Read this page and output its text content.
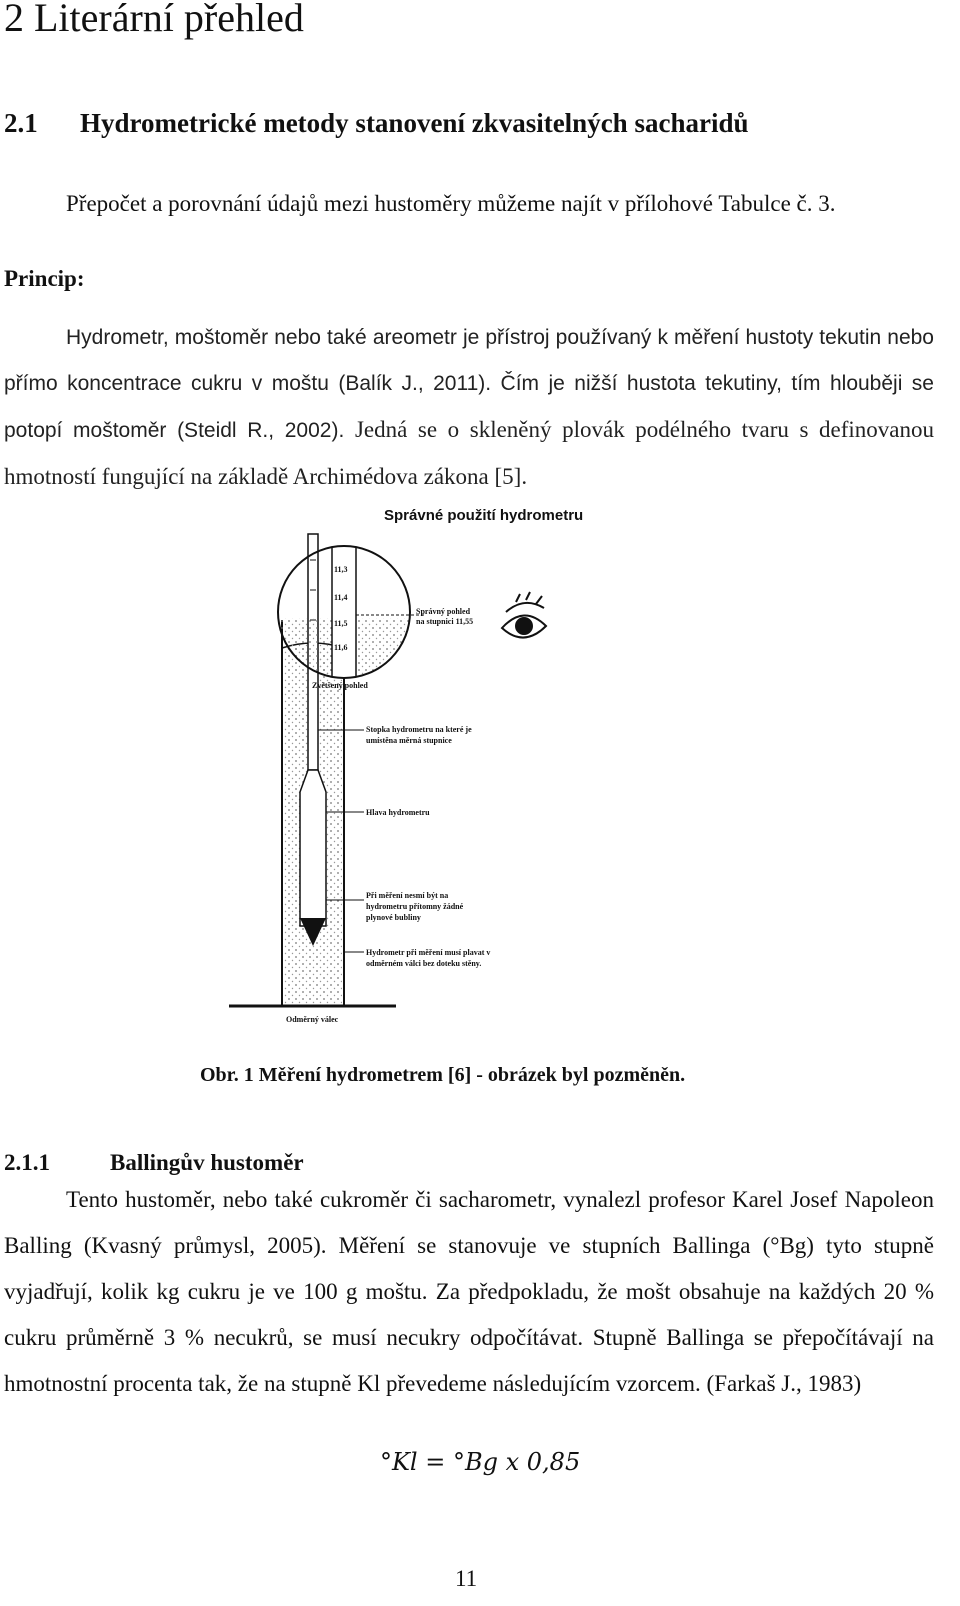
2 Literární přehled
2.1 Hydrometrické metody stanovení zkvasitelných sacharidů
Přepočet a porovnání údajů mezi hustoměry můžeme najít v přílohové Tabulce č. 3.
Princip:
Hydrometr, moštoměr nebo také areometr je přístroj používaný k měření hustoty tekutin nebo přímo koncentrace cukru v moštu (Balík J., 2011). Čím je nižší hustota tekutiny, tím hlouběji se potopí moštoměr (Steidl R., 2002). Jedná se o skleněný plovák podélného tvaru s definovanou hmotností fungující na základě Archimédova zákona [5].
Správné použití hydrometru
11,3
11,4
11,5
11,6
Zvětšený pohled
Správný pohled
na stupnici 11,55
Stopka hydrometru na které je
umístěna měrná stupnice
Hlava hydrometru
Při měření nesmí být na
hydrometru přítomny žádné
plynové bubliny
Hydrometr při měření musí plavat v
odměrném válci bez doteku stěny.
Odměrný válec
Obr. 1 Měření hydrometrem [6] - obrázek byl pozměněn.
2.1.1	Ballingův hustoměr
Tento hustoměr, nebo také cukroměr či sacharometr, vynalezl profesor Karel Josef Napoleon Balling (Kvasný průmysl, 2005). Měření se stanovuje ve stupních Ballinga (°Bg) tyto stupně vyjadřují, kolik kg cukru je ve 100 g moštu. Za předpokladu, že mošt obsahuje na každých 20 % cukru průměrně 3 % necukrů, se musí necukry odpočítávat. Stupně Ballinga se přepočítávají na hmotnostní procenta tak, že na stupně Kl převedeme následujícím vzorcem. (Farkaš J., 1983)
°Kl = °Bg x 0,85
11
